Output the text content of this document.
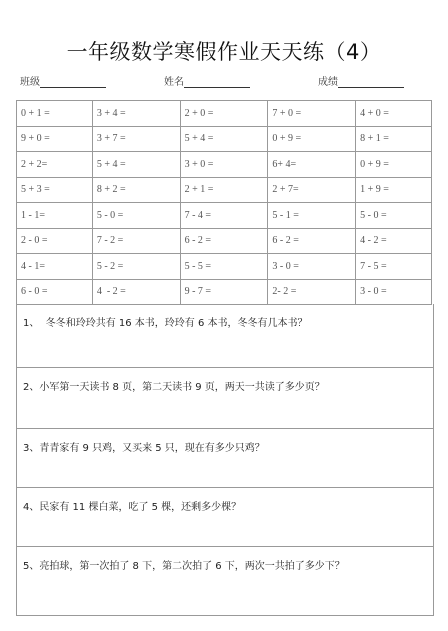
一年级数学寒假作业天天练（4）
班级	姓名	成绩
0 + 1 =	3 + 4 =	2 + 0 =	7 + 0 =	4 + 0 =
9 + 0 =	3 + 7 =	5 + 4 =	0 + 9 =	8 + 1 =
2 + 2=	5 + 4 =	3 + 0 =	6+ 4=	0 + 9 =
5 + 3 =	8 + 2 =	2 + 1 =	2 + 7=	1 + 9 =
1 - 1=	5 - 0 =	7 - 4 =	5 - 1 =	5 - 0 =
2 - 0 =	7 - 2 =	6 - 2 =	6 - 2 =	4 - 2 =
4 - 1=	5 - 2 =	5 - 5 =	3 - 0 =	7 - 5 =
6 - 0 =	4  - 2 =	9 - 7 =	2- 2 =	3 - 0 =
1、  冬冬和玲玲共有 16 本书，玲玲有 6 本书，冬冬有几本书？
2、小军第一天读书 8 页，第二天读书 9 页，两天一共读了多少页？
3、青青家有 9 只鸡，又买来 5 只，现在有多少只鸡？
4、民家有 11 棵白菜，吃了 5 棵，还剩多少棵？
5、亮拍球，第一次拍了 8 下，第二次拍了 6 下，两次一共拍了多少下？
